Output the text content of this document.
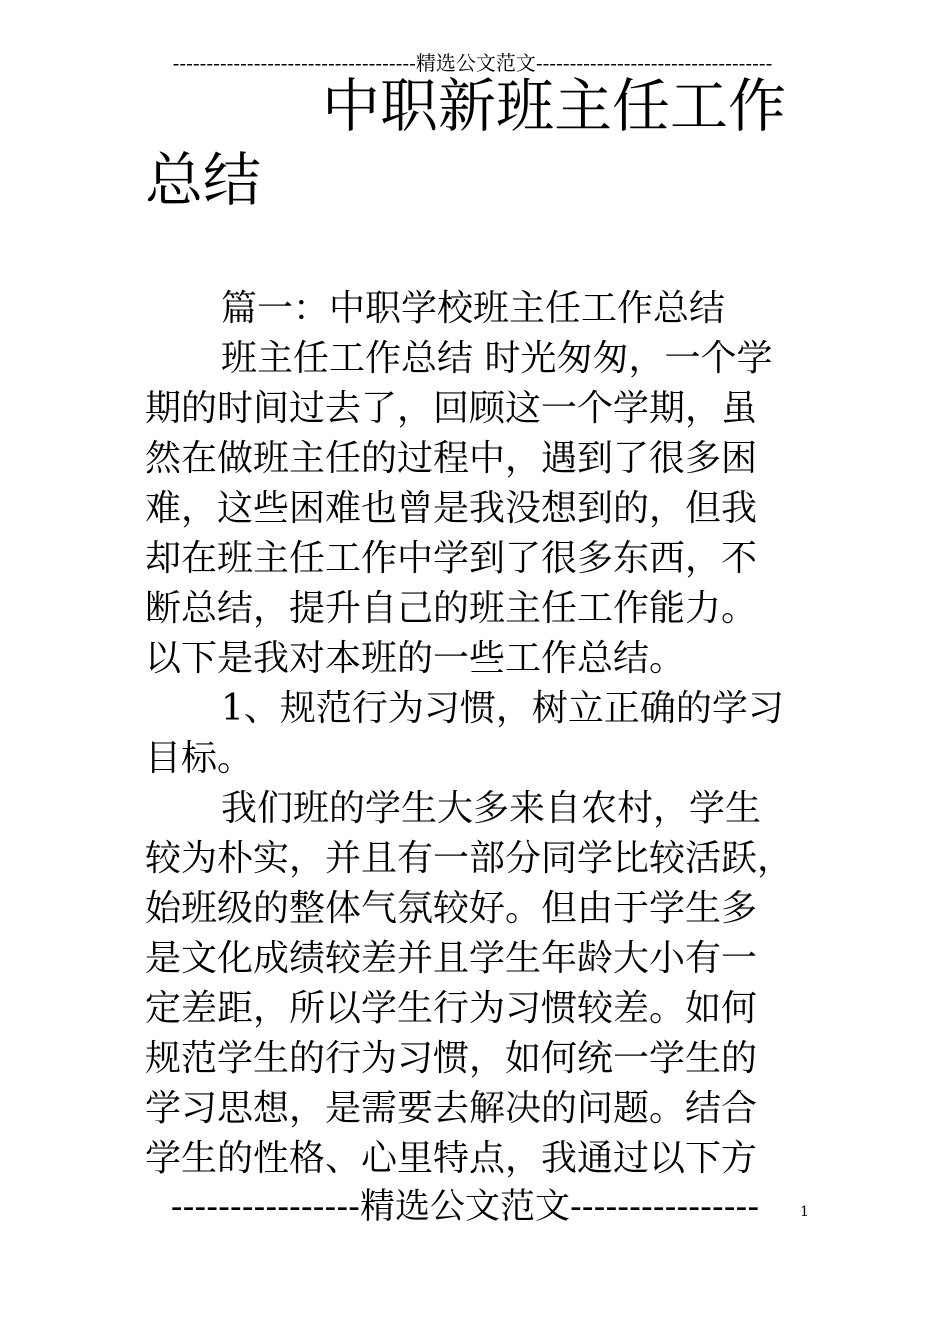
------------------------------------精选公文范文-----------------------------------
中职新班主任工作
总结
篇一：中职学校班主任工作总结
班主任工作总结 时光匆匆，一个学
期的时间过去了，回顾这一个学期，虽
然在做班主任的过程中，遇到了很多困
难，这些困难也曾是我没想到的，但我
却在班主任工作中学到了很多东西，不
断总结，提升自己的班主任工作能力。
以下是我对本班的一些工作总结。
1、规范行为习惯，树立正确的学习
目标。
我们班的学生大多来自农村，学生
较为朴实，并且有一部分同学比较活跃，
始班级的整体气氛较好。但由于学生多
是文化成绩较差并且学生年龄大小有一
定差距，所以学生行为习惯较差。如何
规范学生的行为习惯，如何统一学生的
学习思想，是需要去解决的问题。结合
学生的性格、心里特点，我通过以下方
----------------精选公文范文----------------	1
